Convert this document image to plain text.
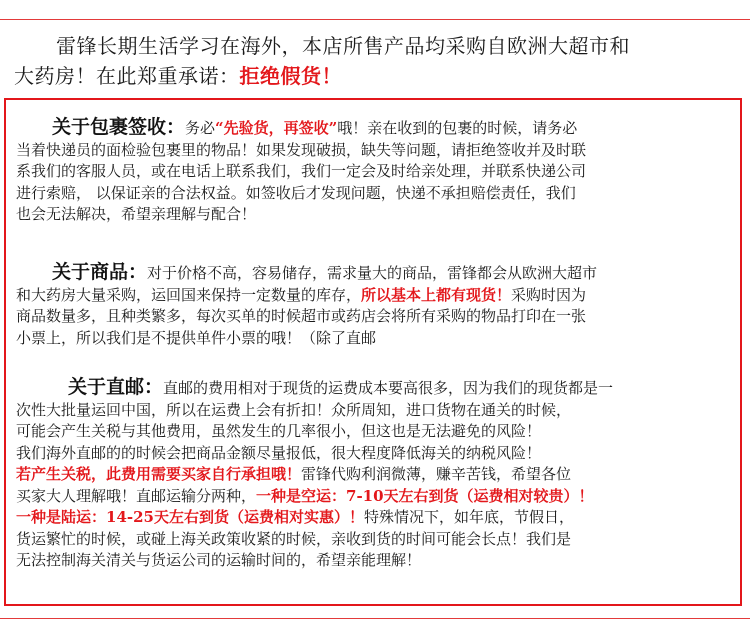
雷锋长期生活学习在海外，本店所售产品均采购自欧洲大超市和
大药房！在此郑重承诺：拒绝假货！
关于包裹签收：务必“先验货，再签收”哦！亲在收到的包裹的时候，请务必
当着快递员的面检验包裹里的物品！如果发现破损，缺失等问题，请拒绝签收并及时联
系我们的客服人员，或在电话上联系我们，我们一定会及时给亲处理，并联系快递公司
进行索赔， 以保证亲的合法权益。如签收后才发现问题，快递不承担赔偿责任，我们
也会无法解决，希望亲理解与配合！
关于商品：对于价格不高，容易储存，需求量大的商品，雷锋都会从欧洲大超市
和大药房大量采购，运回国来保持一定数量的库存，所以基本上都有现货！采购时因为
商品数量多，且种类繁多，每次买单的时候超市或药店会将所有采购的物品打印在一张
小票上，所以我们是不提供单件小票的哦！（除了直邮
关于直邮：直邮的费用相对于现货的运费成本要高很多，因为我们的现货都是一
次性大批量运回中国，所以在运费上会有折扣！众所周知，进口货物在通关的时候，
可能会产生关税与其他费用，虽然发生的几率很小，但这也是无法避免的风险！
我们海外直邮的的时候会把商品金额尽量报低，很大程度降低海关的纳税风险！
若产生关税，此费用需要买家自行承担哦！雷锋代购利润微薄，赚辛苦钱，希望各位
买家大人理解哦！直邮运输分两种，一种是空运：7-10天左右到货（运费相对较贵）！
一种是陆运：14-25天左右到货（运费相对实惠）！特殊情况下，如年底，节假日，
货运繁忙的时候，或碰上海关政策收紧的时候，亲收到货的时间可能会长点！我们是
无法控制海关清关与货运公司的运输时间的，希望亲能理解！
